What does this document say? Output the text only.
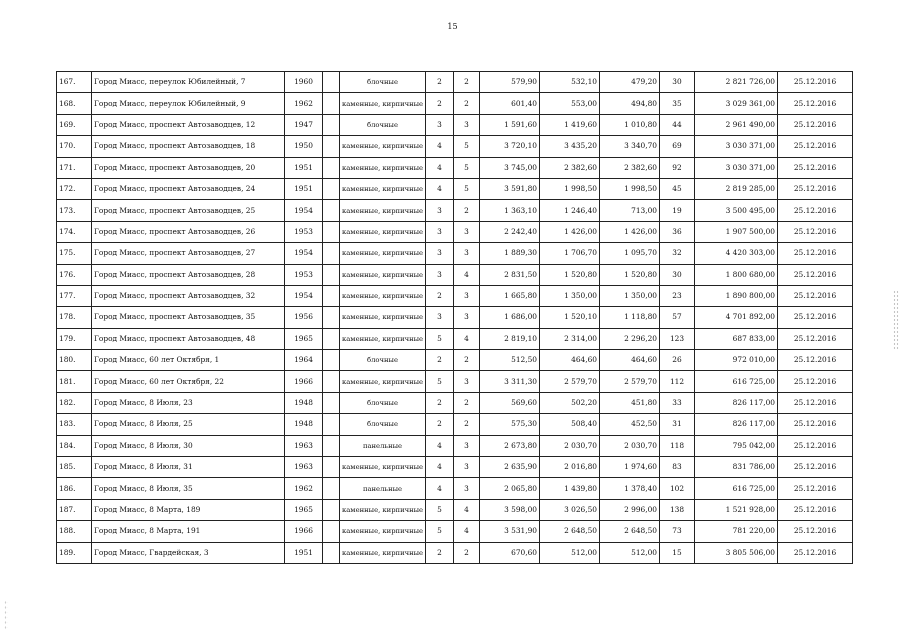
15
167.	Город Миасс, переулок Юбилейный, 7	1960		блочные	2	2	579,90	532,10	479,20	30	2 821 726,00	25.12.2016
168.	Город Миасс, переулок Юбилейный, 9	1962		каменные, кирпичные	2	2	601,40	553,00	494,80	35	3 029 361,00	25.12.2016
169.	Город Миасс, проспект Автозаводцев, 12	1947		блочные	3	3	1 591,60	1 419,60	1 010,80	44	2 961 490,00	25.12.2016
170.	Город Миасс, проспект Автозаводцев, 18	1950		каменные, кирпичные	4	5	3 720,10	3 435,20	3 340,70	69	3 030 371,00	25.12.2016
171.	Город Миасс, проспект Автозаводцев, 20	1951		каменные, кирпичные	4	5	3 745,00	2 382,60	2 382,60	92	3 030 371,00	25.12.2016
172.	Город Миасс, проспект Автозаводцев, 24	1951		каменные, кирпичные	4	5	3 591,80	1 998,50	1 998,50	45	2 819 285,00	25.12.2016
173.	Город Миасс, проспект Автозаводцев, 25	1954		каменные, кирпичные	3	2	1 363,10	1 246,40	713,00	19	3 500 495,00	25.12.2016
174.	Город Миасс, проспект Автозаводцев, 26	1953		каменные, кирпичные	3	3	2 242,40	1 426,00	1 426,00	36	1 907 500,00	25.12.2016
175.	Город Миасс, проспект Автозаводцев, 27	1954		каменные, кирпичные	3	3	1 889,30	1 706,70	1 095,70	32	4 420 303,00	25.12.2016
176.	Город Миасс, проспект Автозаводцев, 28	1953		каменные, кирпичные	3	4	2 831,50	1 520,80	1 520,80	30	1 800 680,00	25.12.2016
177.	Город Миасс, проспект Автозаводцев, 32	1954		каменные, кирпичные	2	3	1 665,80	1 350,00	1 350,00	23	1 890 800,00	25.12.2016
178.	Город Миасс, проспект Автозаводцев, 35	1956		каменные, кирпичные	3	3	1 686,00	1 520,10	1 118,80	57	4 701 892,00	25.12.2016
179.	Город Миасс, проспект Автозаводцев, 48	1965		каменные, кирпичные	5	4	2 819,10	2 314,00	2 296,20	123	687 833,00	25.12.2016
180.	Город Миасс, 60 лет Октября, 1	1964		блочные	2	2	512,50	464,60	464,60	26	972 010,00	25.12.2016
181.	Город Миасс, 60 лет Октября, 22	1966		каменные, кирпичные	5	3	3 311,30	2 579,70	2 579,70	112	616 725,00	25.12.2016
182.	Город Миасс, 8 Июля, 23	1948		блочные	2	2	569,60	502,20	451,80	33	826 117,00	25.12.2016
183.	Город Миасс, 8 Июля, 25	1948		блочные	2	2	575,30	508,40	452,50	31	826 117,00	25.12.2016
184.	Город Миасс, 8 Июля, 30	1963		панельные	4	3	2 673,80	2 030,70	2 030,70	118	795 042,00	25.12.2016
185.	Город Миасс, 8 Июля, 31	1963		каменные, кирпичные	4	3	2 635,90	2 016,80	1 974,60	83	831 786,00	25.12.2016
186.	Город Миасс, 8 Июля, 35	1962		панельные	4	3	2 065,80	1 439,80	1 378,40	102	616 725,00	25.12.2016
187.	Город Миасс, 8 Марта, 189	1965		каменные, кирпичные	5	4	3 598,00	3 026,50	2 996,00	138	1 521 928,00	25.12.2016
188.	Город Миасс, 8 Марта, 191	1966		каменные, кирпичные	5	4	3 531,90	2 648,50	2 648,50	73	781 220,00	25.12.2016
189.	Город Миасс, Гвардейская, 3	1951		каменные, кирпичные	2	2	670,60	512,00	512,00	15	3 805 506,00	25.12.2016
